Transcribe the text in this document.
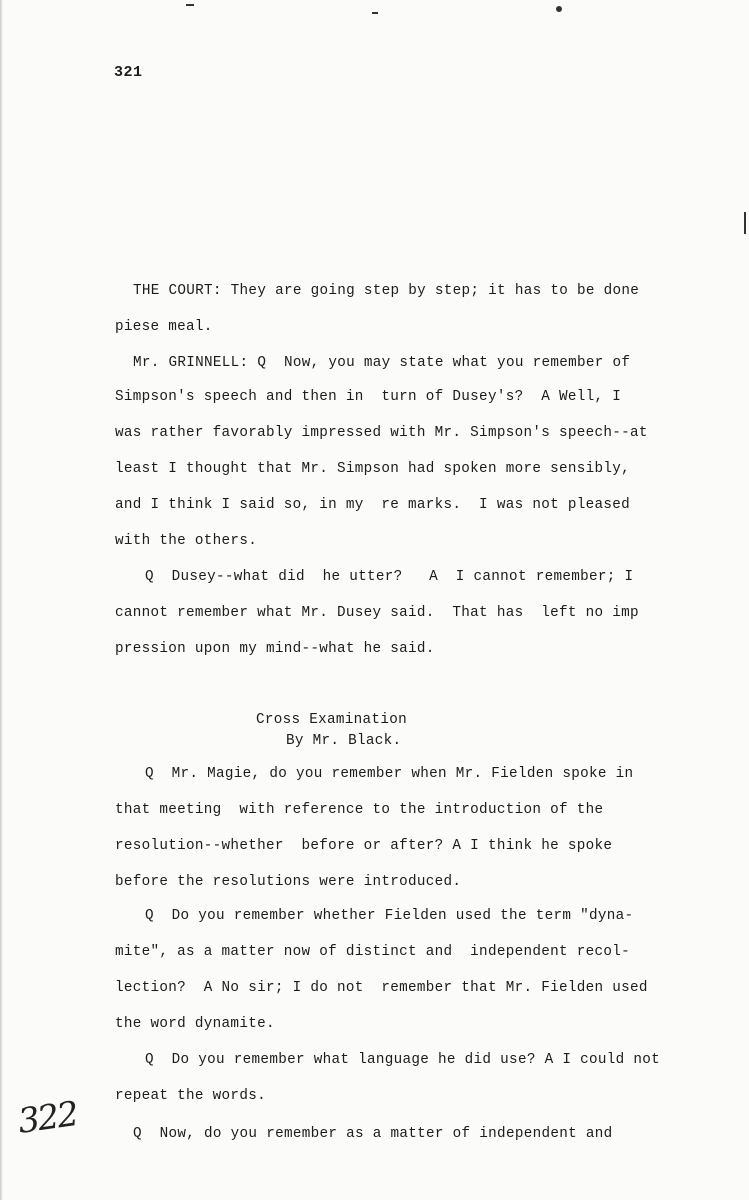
321
THE COURT: They are going step by step; it has to be done
piese meal.
Mr. GRINNELL: Q  Now, you may state what you remember of
Simpson's speech and then in  turn of Dusey's?  A Well, I
was rather favorably impressed with Mr. Simpson's speech--at
least I thought that Mr. Simpson had spoken more sensibly,
and I think I said so, in my  re marks.  I was not pleased
with the others.
Q  Dusey--what did  he utter?   A  I cannot remember; I
cannot remember what Mr. Dusey said.  That has  left no imp
pression upon my mind--what he said.
Cross Examination
By Mr. Black.
Q  Mr. Magie, do you remember when Mr. Fielden spoke in
that meeting  with reference to the introduction of the
resolution--whether  before or after? A I think he spoke
before the resolutions were introduced.
Q  Do you remember whether Fielden used the term "dyna-
mite", as a matter now of distinct and  independent recol-
lection?  A No sir; I do not  remember that Mr. Fielden used
the word dynamite.
Q  Do you remember what language he did use? A I could not
repeat the words.
Q  Now, do you remember as a matter of independent and
322
